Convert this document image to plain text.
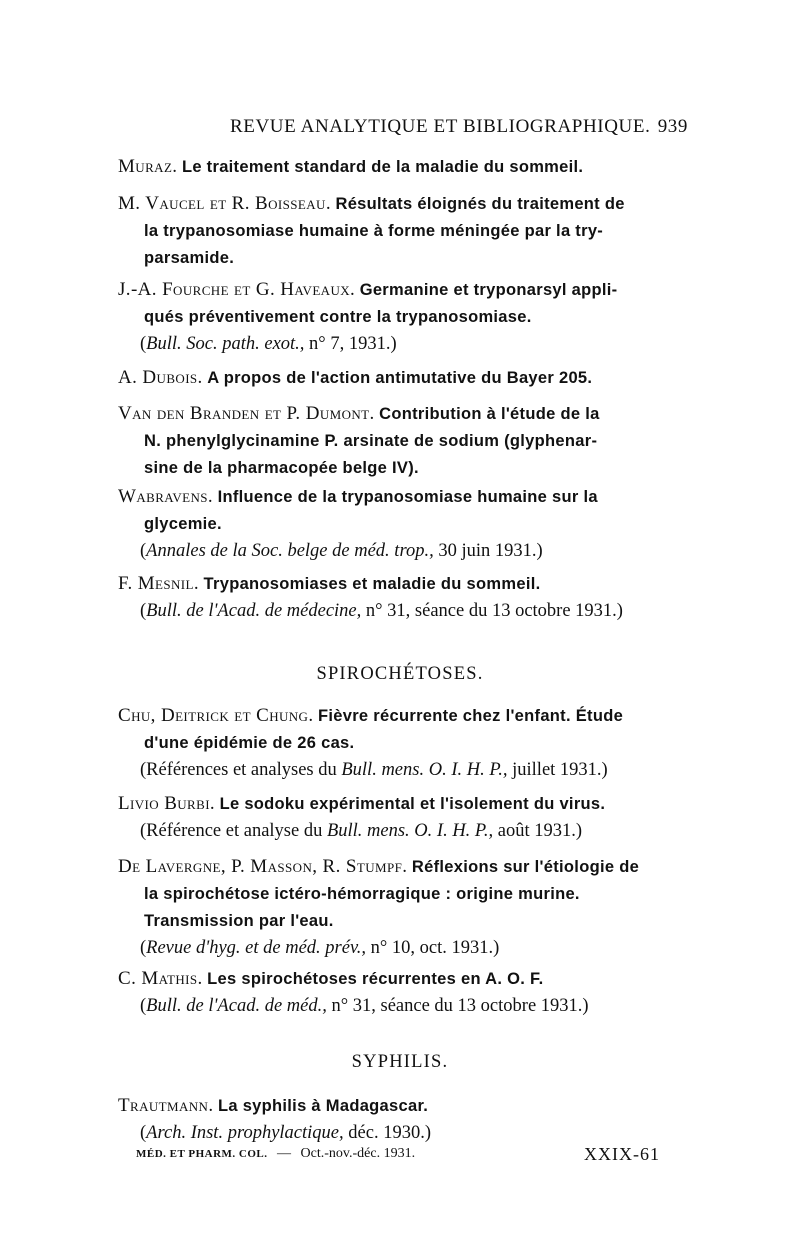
REVUE ANALYTIQUE ET BIBLIOGRAPHIQUE. 939
Muraz. Le traitement standard de la maladie du sommeil.
M. Vaucel et R. Boisseau. Résultats éloignés du traitement de
la trypanosomiase humaine à forme méningée par la try-
parsamide.
J.-A. Fourche et G. Haveaux. Germanine et tryponarsyl appli-
qués préventivement contre la trypanosomiase.
(Bull. Soc. path. exot., n° 7, 1931.)
A. Dubois. A propos de l'action antimutative du Bayer 205.
Van den Branden et P. Dumont. Contribution à l'étude de la
N. phenylglycinamine P. arsinate de sodium (glyphenar-
sine de la pharmacopée belge IV).
Wabravens. Influence de la trypanosomiase humaine sur la
glycemie.
(Annales de la Soc. belge de méd. trop., 30 juin 1931.)
F. Mesnil. Trypanosomiases et maladie du sommeil.
(Bull. de l'Acad. de médecine, n° 31, séance du 13 octobre 1931.)
SPIROCHÉTOSES.
Chu, Deitrick et Chung. Fièvre récurrente chez l'enfant. Étude
d'une épidémie de 26 cas.
(Références et analyses du Bull. mens. O. I. H. P., juillet 1931.)
Livio Burbi. Le sodoku expérimental et l'isolement du virus.
(Référence et analyse du Bull. mens. O. I. H. P., août 1931.)
De Lavergne, P. Masson, R. Stumpf. Réflexions sur l'étiologie de
la spirochétose ictéro-hémorragique : origine murine.
Transmission par l'eau.
(Revue d'hyg. et de méd. prév., n° 10, oct. 1931.)
C. Mathis. Les spirochétoses récurrentes en A. O. F.
(Bull. de l'Acad. de méd., n° 31, séance du 13 octobre 1931.)
SYPHILIS.
Trautmann. La syphilis à Madagascar.
(Arch. Inst. prophylactique, déc. 1930.)
MÉD. ET PHARM. COL. — Oct.-nov.-déc. 1931.	XXIX-61
